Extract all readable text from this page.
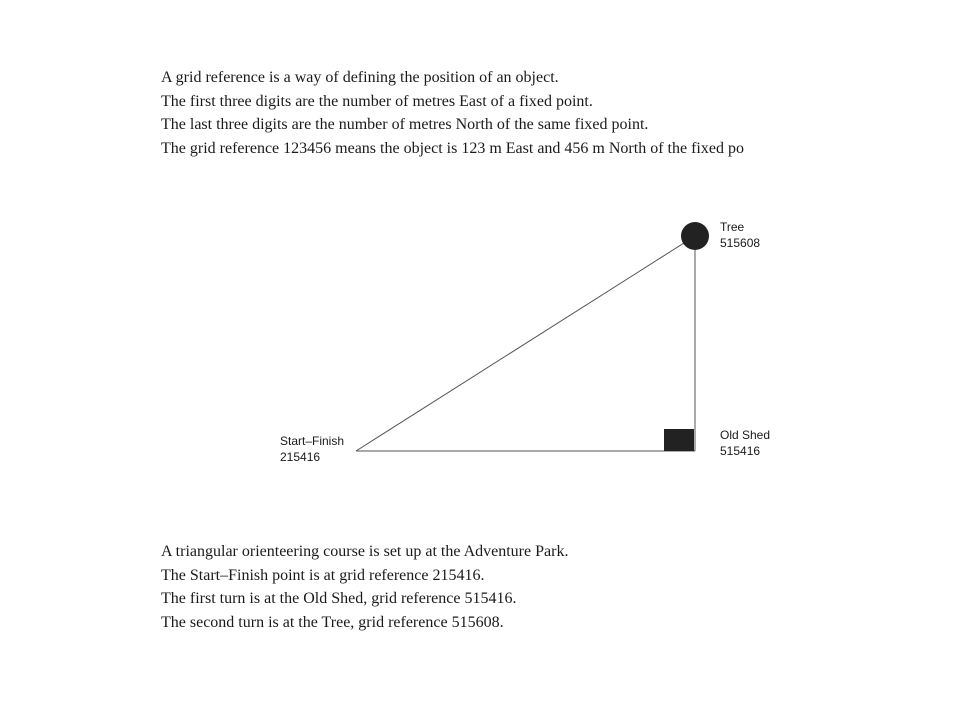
A grid reference is a way of defining the position of an object.
The first three digits are the number of metres East of a fixed point.
The last three digits are the number of metres North of the same fixed point.
The grid reference 123456 means the object is 123 m East and 456 m North of the fixed po
Tree
515608
Old Shed
515416
Start–Finish
215416
A triangular orienteering course is set up at the Adventure Park.
The Start–Finish point is at grid reference 215416.
The first turn is at the Old Shed, grid reference 515416.
The second turn is at the Tree, grid reference 515608.
